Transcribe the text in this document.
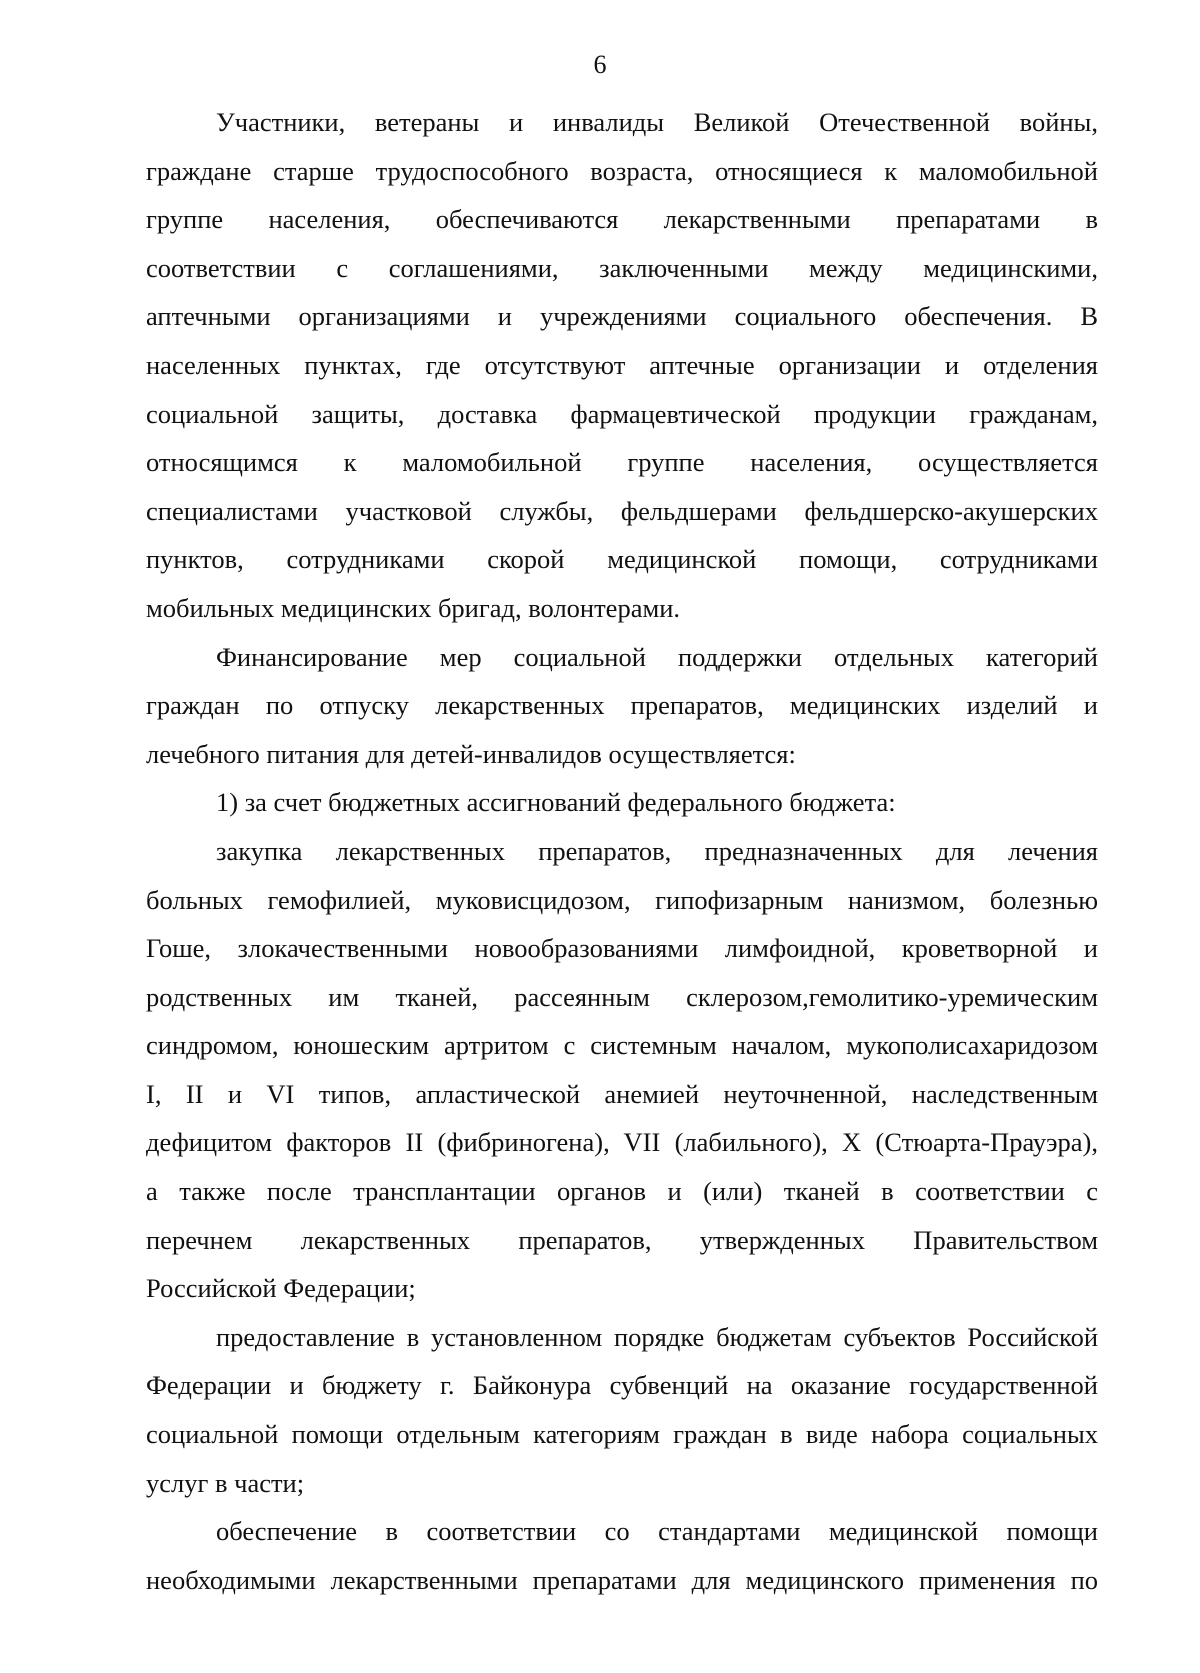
6

Участники, ветераны и инвалиды Великой Отечественной войны,
граждане старше трудоспособного возраста, относящиеся к маломобильной
группе населения, обеспечиваются лекарственными препаратами в
соответствии с соглашениями, заключенными между медицинскими,
аптечными организациями и учреждениями социального обеспечения. В
населенных пунктах, где отсутствуют аптечные организации и отделения
социальной защиты, доставка фармацевтической продукции гражданам,
относящимся к маломобильной группе населения, осуществляется
специалистами участковой службы, фельдшерами фельдшерско-акушерских
пунктов, сотрудниками скорой медицинской помощи, сотрудниками
мобильных медицинских бригад, волонтерами.

Финансирование мер социальной поддержки отдельных категорий
граждан по отпуску лекарственных препаратов, медицинских изделий и
лечебного питания для детей-инвалидов осуществляется:

1) за счет бюджетных ассигнований федерального бюджета:

закупка лекарственных препаратов, предназначенных для лечения
больных гемофилией, муковисцидозом, гипофизарным нанизмом, болезнью
Гоше, злокачественными новообразованиями лимфоидной, кроветворной и
родственных им тканей, рассеянным склерозом,гемолитико-уремическим
синдромом, юношеским артритом с системным началом, мукополисахаридозом
I, II и VI типов, апластической анемией неуточненной, наследственным
дефицитом факторов II (фибриногена), VII (лабильного), X (Стюарта-Прауэра),
а также после трансплантации органов и (или) тканей в соответствии с
перечнем лекарственных препаратов, утвержденных Правительством
Российской Федерации;

предоставление в установленном порядке бюджетам субъектов Российской
Федерации и бюджету г. Байконура субвенций на оказание государственной
социальной помощи отдельным категориям граждан в виде набора социальных
услуг в части;

обеспечение в соответствии со стандартами медицинской помощи
необходимыми лекарственными препаратами для медицинского применения по
